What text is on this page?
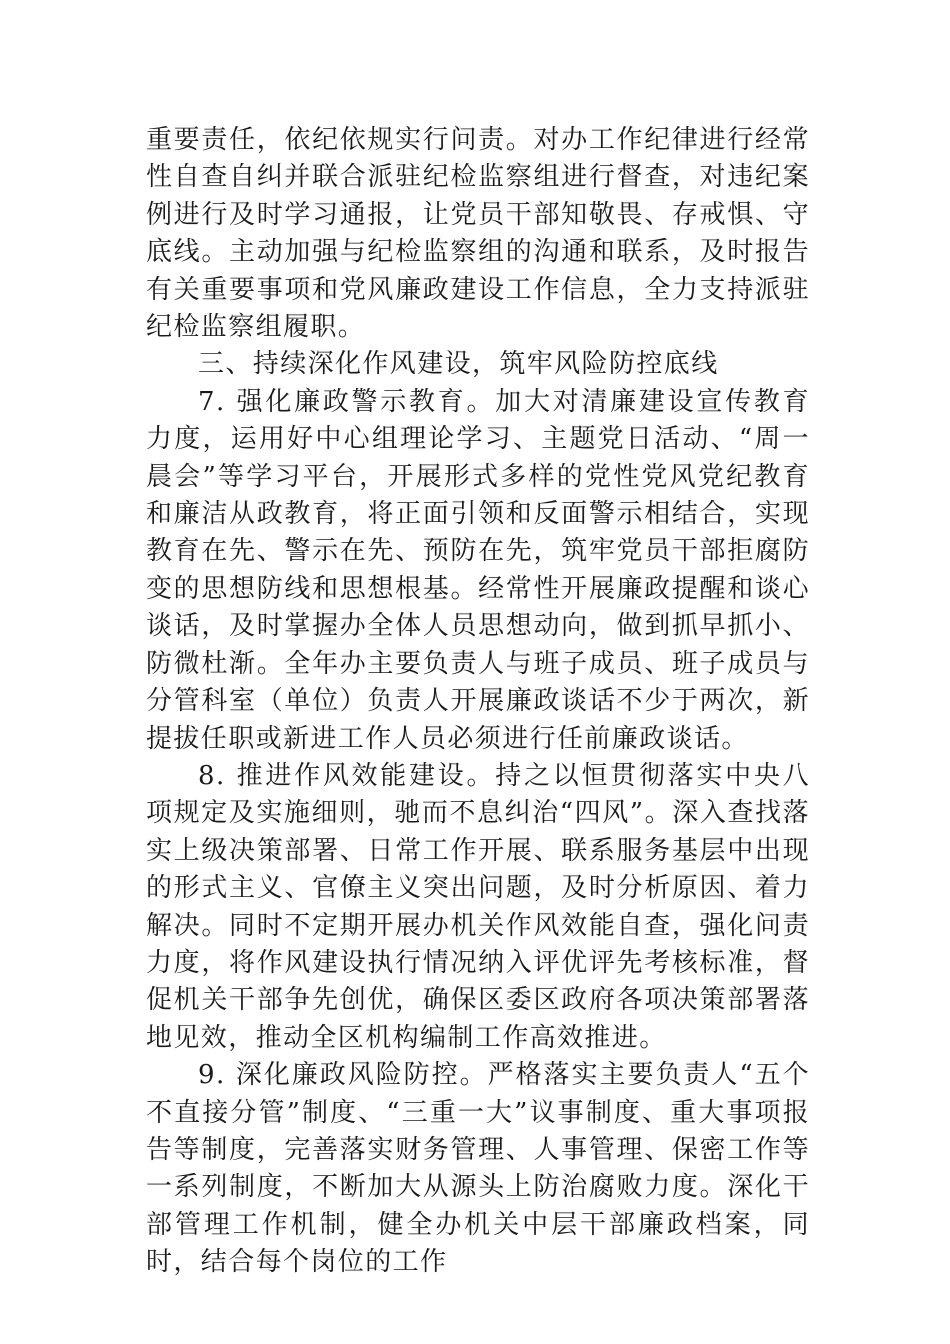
重要责任，依纪依规实行问责。对办工作纪律进行经常性自查自纠并联合派驻纪检监察组进行督查，对违纪案例进行及时学习通报，让党员干部知敬畏、存戒惧、守底线。主动加强与纪检监察组的沟通和联系，及时报告有关重要事项和党风廉政建设工作信息，全力支持派驻纪检监察组履职。

三、持续深化作风建设，筑牢风险防控底线

7. 强化廉政警示教育。加大对清廉建设宣传教育力度，运用好中心组理论学习、主题党日活动、“周一晨会”等学习平台，开展形式多样的党性党风党纪教育和廉洁从政教育，将正面引领和反面警示相结合，实现教育在先、警示在先、预防在先，筑牢党员干部拒腐防变的思想防线和思想根基。经常性开展廉政提醒和谈心谈话，及时掌握办全体人员思想动向，做到抓早抓小、防微杜渐。全年办主要负责人与班子成员、班子成员与分管科室（单位）负责人开展廉政谈话不少于两次，新提拔任职或新进工作人员必须进行任前廉政谈话。

8. 推进作风效能建设。持之以恒贯彻落实中央八项规定及实施细则，驰而不息纠治“四风”。深入查找落实上级决策部署、日常工作开展、联系服务基层中出现的形式主义、官僚主义突出问题，及时分析原因、着力解决。同时不定期开展办机关作风效能自查，强化问责力度，将作风建设执行情况纳入评优评先考核标准，督促机关干部争先创优，确保区委区政府各项决策部署落地见效，推动全区机构编制工作高效推进。

9. 深化廉政风险防控。严格落实主要负责人“五个不直接分管”制度、“三重一大”议事制度、重大事项报告等制度，完善落实财务管理、人事管理、保密工作等一系列制度，不断加大从源头上防治腐败力度。深化干部管理工作机制，健全办机关中层干部廉政档案，同时，结合每个岗位的工作
